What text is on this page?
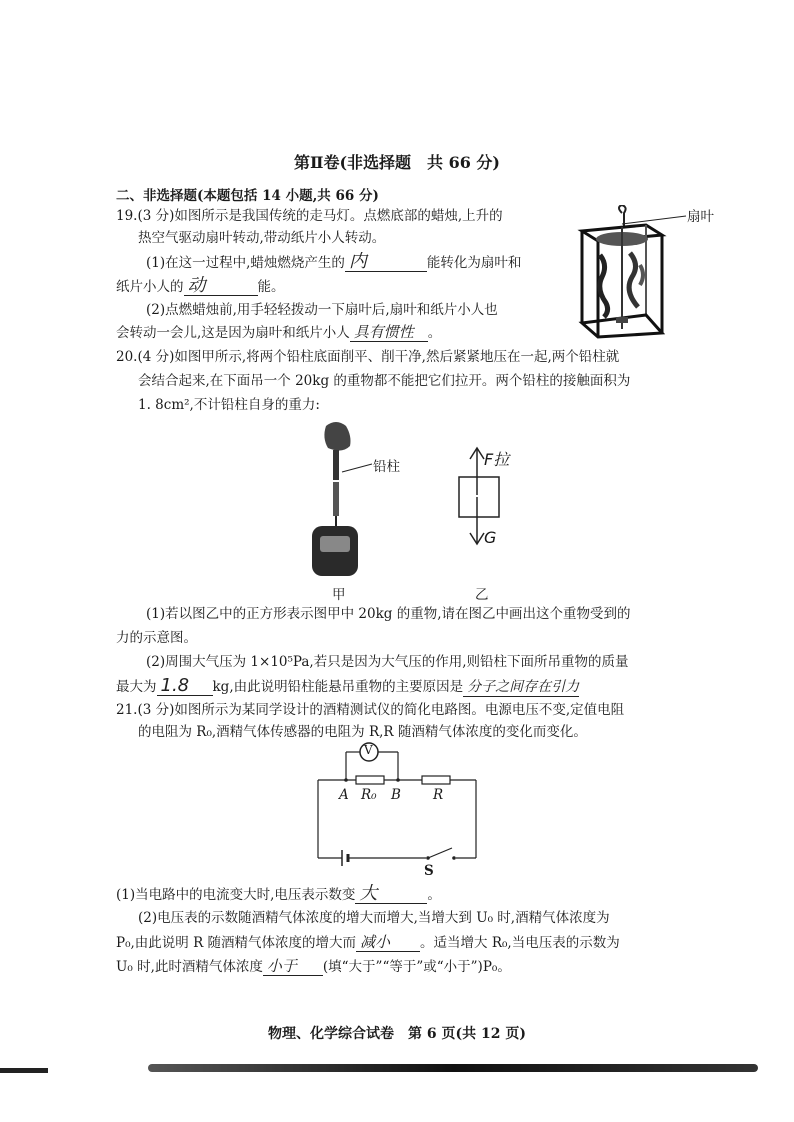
第Ⅱ卷(非选择题　共 66 分)
二、非选择题(本题包括 14 小题,共 66 分)
19.(3 分)如图所示是我国传统的走马灯。点燃底部的蜡烛,上升的
热空气驱动扇叶转动,带动纸片小人转动。
(1)在这一过程中,蜡烛燃烧产生的 内	能转化为扇叶和
纸片小人的 动	能。
(2)点燃蜡烛前,用手轻轻拨动一下扇叶后,扇叶和纸片小人也
会转动一会儿,这是因为扇叶和纸片小人 具有惯性 。
扇叶
20.(4 分)如图甲所示,将两个铅柱底面削平、削干净,然后紧紧地压在一起,两个铅柱就
会结合起来,在下面吊一个 20kg 的重物都不能把它们拉开。两个铅柱的接触面积为
1. 8cm²,不计铅柱自身的重力:
铅柱
甲
F拉
G
乙
(1)若以图乙中的正方形表示图甲中 20kg 的重物,请在图乙中画出这个重物受到的
力的示意图。
(2)周围大气压为 1×10⁵Pa,若只是因为大气压的作用,则铅柱下面所吊重物的质量
最大为 1.8 kg,由此说明铅柱能悬吊重物的主要原因是 分子之间存在引力
21.(3 分)如图所示为某同学设计的酒精测试仪的简化电路图。电源电压不变,定值电阻
的电阻为 R₀,酒精气体传感器的电阻为 R,R 随酒精气体浓度的变化而变化。
V
A R₀ B R
S
(1)当电路中的电流变大时,电压表示数变 大	。
(2)电压表的示数随酒精气体浓度的增大而增大,当增大到 U₀ 时,酒精气体浓度为
P₀,由此说明 R 随酒精气体浓度的增大而 减小 。适当增大 R₀,当电压表的示数为
U₀ 时,此时酒精气体浓度 小于 (填“大于”“等于”或“小于”)P₀。
物理、化学综合试卷　第 6 页(共 12 页)
